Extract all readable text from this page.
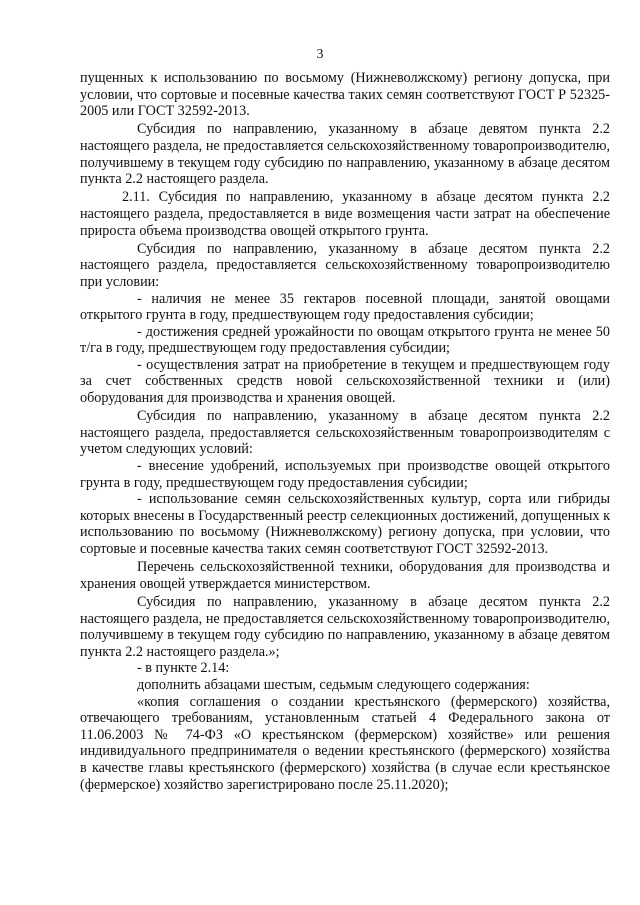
3

пущенных к использованию по восьмому (Нижневолжскому) региону допуска, при условии, что сортовые и посевные качества таких семян соответствуют ГОСТ Р 52325-2005 или ГОСТ 32592-2013.

Субсидия по направлению, указанному в абзаце девятом пункта 2.2 настоящего раздела, не предоставляется сельскохозяйственному товаропроизводителю, получившему в текущем году субсидию по направлению, указанному в абзаце десятом пункта 2.2 настоящего раздела.

2.11. Субсидия по направлению, указанному в абзаце десятом пункта 2.2 настоящего раздела, предоставляется в виде возмещения части затрат на обеспечение прироста объема производства овощей открытого грунта.

Субсидия по направлению, указанному в абзаце десятом пункта 2.2 настоящего раздела, предоставляется сельскохозяйственному товаропроизводителю при условии:

- наличия не менее 35 гектаров посевной площади, занятой овощами открытого грунта в году, предшествующем году предоставления субсидии;

- достижения средней урожайности по овощам открытого грунта не менее 50 т/га в году, предшествующем году предоставления субсидии;

- осуществления затрат на приобретение в текущем и предшествующем году за счет собственных средств новой сельскохозяйственной техники и (или) оборудования для производства и хранения овощей.

Субсидия по направлению, указанному в абзаце десятом пункта 2.2 настоящего раздела, предоставляется сельскохозяйственным товаропроизводителям с учетом следующих условий:

- внесение удобрений, используемых при производстве овощей открытого грунта в году, предшествующем году предоставления субсидии;

- использование семян сельскохозяйственных культур, сорта или гибриды которых внесены в Государственный реестр селекционных достижений, допущенных к использованию по восьмому (Нижневолжскому) региону допуска, при условии, что сортовые и посевные качества таких семян соответствуют ГОСТ 32592-2013.

Перечень сельскохозяйственной техники, оборудования для производства и хранения овощей утверждается министерством.

Субсидия по направлению, указанному в абзаце десятом пункта 2.2 настоящего раздела, не предоставляется сельскохозяйственному товаропроизводителю, получившему в текущем году субсидию по направлению, указанному в абзаце девятом пункта 2.2 настоящего раздела.»;

- в пункте 2.14:

дополнить абзацами шестым, седьмым следующего содержания:

«копия соглашения о создании крестьянского (фермерского) хозяйства, отвечающего требованиям, установленным статьей 4 Федерального закона от 11.06.2003 № 74-ФЗ «О крестьянском (фермерском) хозяйстве» или решения индивидуального предпринимателя о ведении крестьянского (фермерского) хозяйства в качестве главы крестьянского (фермерского) хозяйства (в случае если крестьянское (фермерское) хозяйство зарегистрировано после 25.11.2020);
